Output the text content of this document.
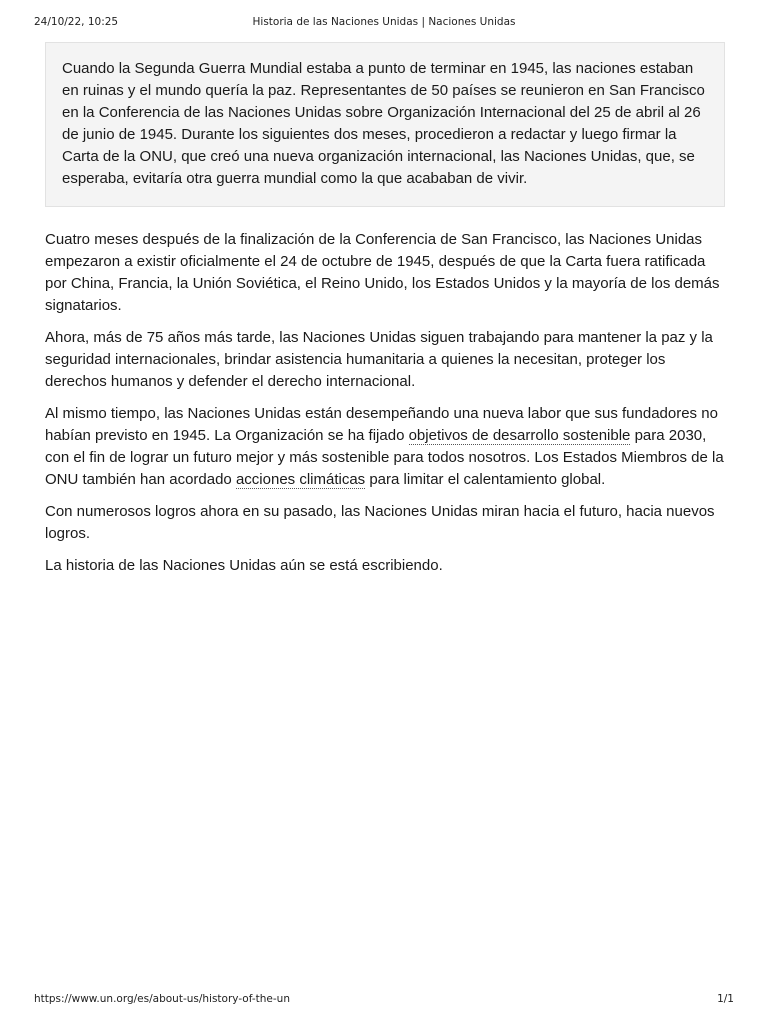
24/10/22, 10:25	Historia de las Naciones Unidas | Naciones Unidas
Cuando la Segunda Guerra Mundial estaba a punto de terminar en 1945, las naciones estaban en ruinas y el mundo quería la paz. Representantes de 50 países se reunieron en San Francisco en la Conferencia de las Naciones Unidas sobre Organización Internacional del 25 de abril al 26 de junio de 1945. Durante los siguientes dos meses, procedieron a redactar y luego firmar la Carta de la ONU, que creó una nueva organización internacional, las Naciones Unidas, que, se esperaba, evitaría otra guerra mundial como la que acababan de vivir.

Cuatro meses después de la finalización de la Conferencia de San Francisco, las Naciones Unidas empezaron a existir oficialmente el 24 de octubre de 1945, después de que la Carta fuera ratificada por China, Francia, la Unión Soviética, el Reino Unido, los Estados Unidos y la mayoría de los demás signatarios.

Ahora, más de 75 años más tarde, las Naciones Unidas siguen trabajando para mantener la paz y la seguridad internacionales, brindar asistencia humanitaria a quienes la necesitan, proteger los derechos humanos y defender el derecho internacional.

Al mismo tiempo, las Naciones Unidas están desempeñando una nueva labor que sus fundadores no habían previsto en 1945. La Organización se ha fijado objetivos de desarrollo sostenible para 2030, con el fin de lograr un futuro mejor y más sostenible para todos nosotros. Los Estados Miembros de la ONU también han acordado acciones climáticas para limitar el calentamiento global.

Con numerosos logros ahora en su pasado, las Naciones Unidas miran hacia el futuro, hacia nuevos logros.

La historia de las Naciones Unidas aún se está escribiendo.

https://www.un.org/es/about-us/history-of-the-un	1/1
